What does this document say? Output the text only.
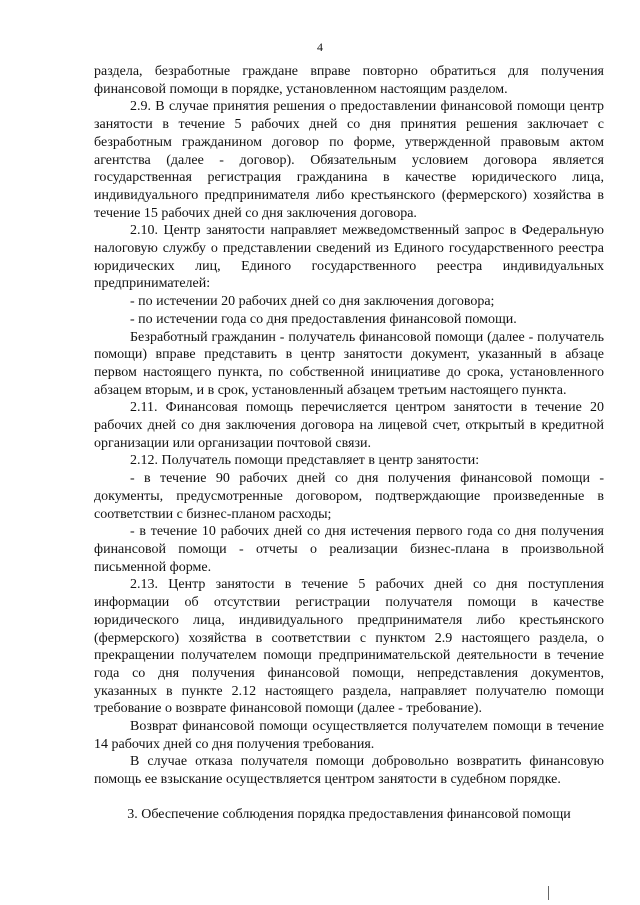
4

раздела, безработные граждане вправе повторно обратиться для получения финансовой помощи в порядке, установленном настоящим разделом.

2.9. В случае принятия решения о предоставлении финансовой помощи центр занятости в течение 5 рабочих дней со дня принятия решения заключает с безработным гражданином договор по форме, утвержденной правовым актом агентства (далее - договор). Обязательным условием договора является государственная регистрация гражданина в качестве юридического лица, индивидуального предпринимателя либо крестьянского (фермерского) хозяйства в течение 15 рабочих дней со дня заключения договора.

2.10. Центр занятости направляет межведомственный запрос в Федеральную налоговую службу о представлении сведений из Единого государственного реестра юридических лиц, Единого государственного реестра индивидуальных предпринимателей:

- по истечении 20 рабочих дней со дня заключения договора;

- по истечении года со дня предоставления финансовой помощи.

Безработный гражданин - получатель финансовой помощи (далее - получатель помощи) вправе представить в центр занятости документ, указанный в абзаце первом настоящего пункта, по собственной инициативе до срока, установленного абзацем вторым, и в срок, установленный абзацем третьим настоящего пункта.

2.11. Финансовая помощь перечисляется центром занятости в течение 20 рабочих дней со дня заключения договора на лицевой счет, открытый в кредитной организации или организации почтовой связи.

2.12. Получатель помощи представляет в центр занятости:

- в течение 90 рабочих дней со дня получения финансовой помощи - документы, предусмотренные договором, подтверждающие произведенные в соответствии с бизнес-планом расходы;

- в течение 10 рабочих дней со дня истечения первого года со дня получения финансовой помощи - отчеты о реализации бизнес-плана в произвольной письменной форме.

2.13. Центр занятости в течение 5 рабочих дней со дня поступления информации об отсутствии регистрации получателя помощи в качестве юридического лица, индивидуального предпринимателя либо крестьянского (фермерского) хозяйства в соответствии с пунктом 2.9 настоящего раздела, о прекращении получателем помощи предпринимательской деятельности в течение года со дня получения финансовой помощи, непредставления документов, указанных в пункте 2.12 настоящего раздела, направляет получателю помощи требование о возврате финансовой помощи (далее - требование).

Возврат финансовой помощи осуществляется получателем помощи в течение 14 рабочих дней со дня получения требования.

В случае отказа получателя помощи добровольно возвратить финансовую помощь ее взыскание осуществляется центром занятости в судебном порядке.

3. Обеспечение соблюдения порядка предоставления финансовой помощи
